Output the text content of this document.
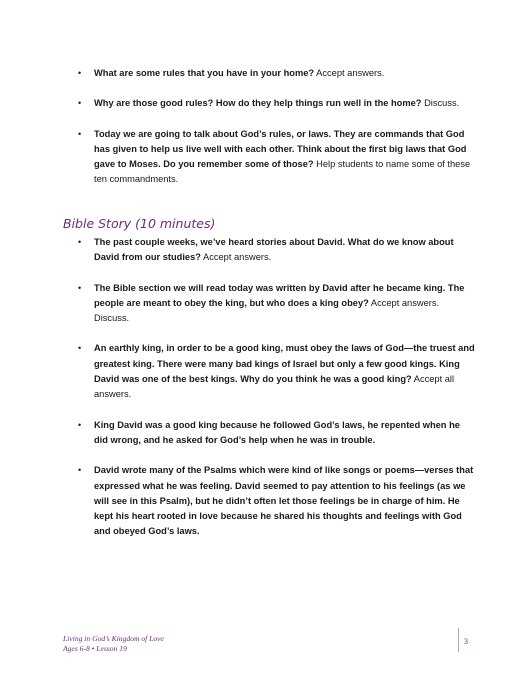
• What are some rules that you have in your home? Accept answers.
• Why are those good rules? How do they help things run well in the home? Discuss.
• Today we are going to talk about God’s rules, or laws. They are commands that God has given to help us live well with each other. Think about the first big laws that God gave to Moses. Do you remember some of those? Help students to name some of these ten commandments.
Bible Story (10 minutes)
• The past couple weeks, we’ve heard stories about David. What do we know about David from our studies? Accept answers.
• The Bible section we will read today was written by David after he became king. The people are meant to obey the king, but who does a king obey? Accept answers. Discuss.
• An earthly king, in order to be a good king, must obey the laws of God—the truest and greatest king. There were many bad kings of Israel but only a few good kings. King David was one of the best kings. Why do you think he was a good king? Accept all answers.
• King David was a good king because he followed God’s laws, he repented when he did wrong, and he asked for God’s help when he was in trouble.
• David wrote many of the Psalms which were kind of like songs or poems—verses that expressed what he was feeling. David seemed to pay attention to his feelings (as we will see in this Psalm), but he didn’t often let those feelings be in charge of him. He kept his heart rooted in love because he shared his thoughts and feelings with God and obeyed God’s laws.
Living in God’s Kingdom of Love
Ages 6-8 • Lesson 19
3
